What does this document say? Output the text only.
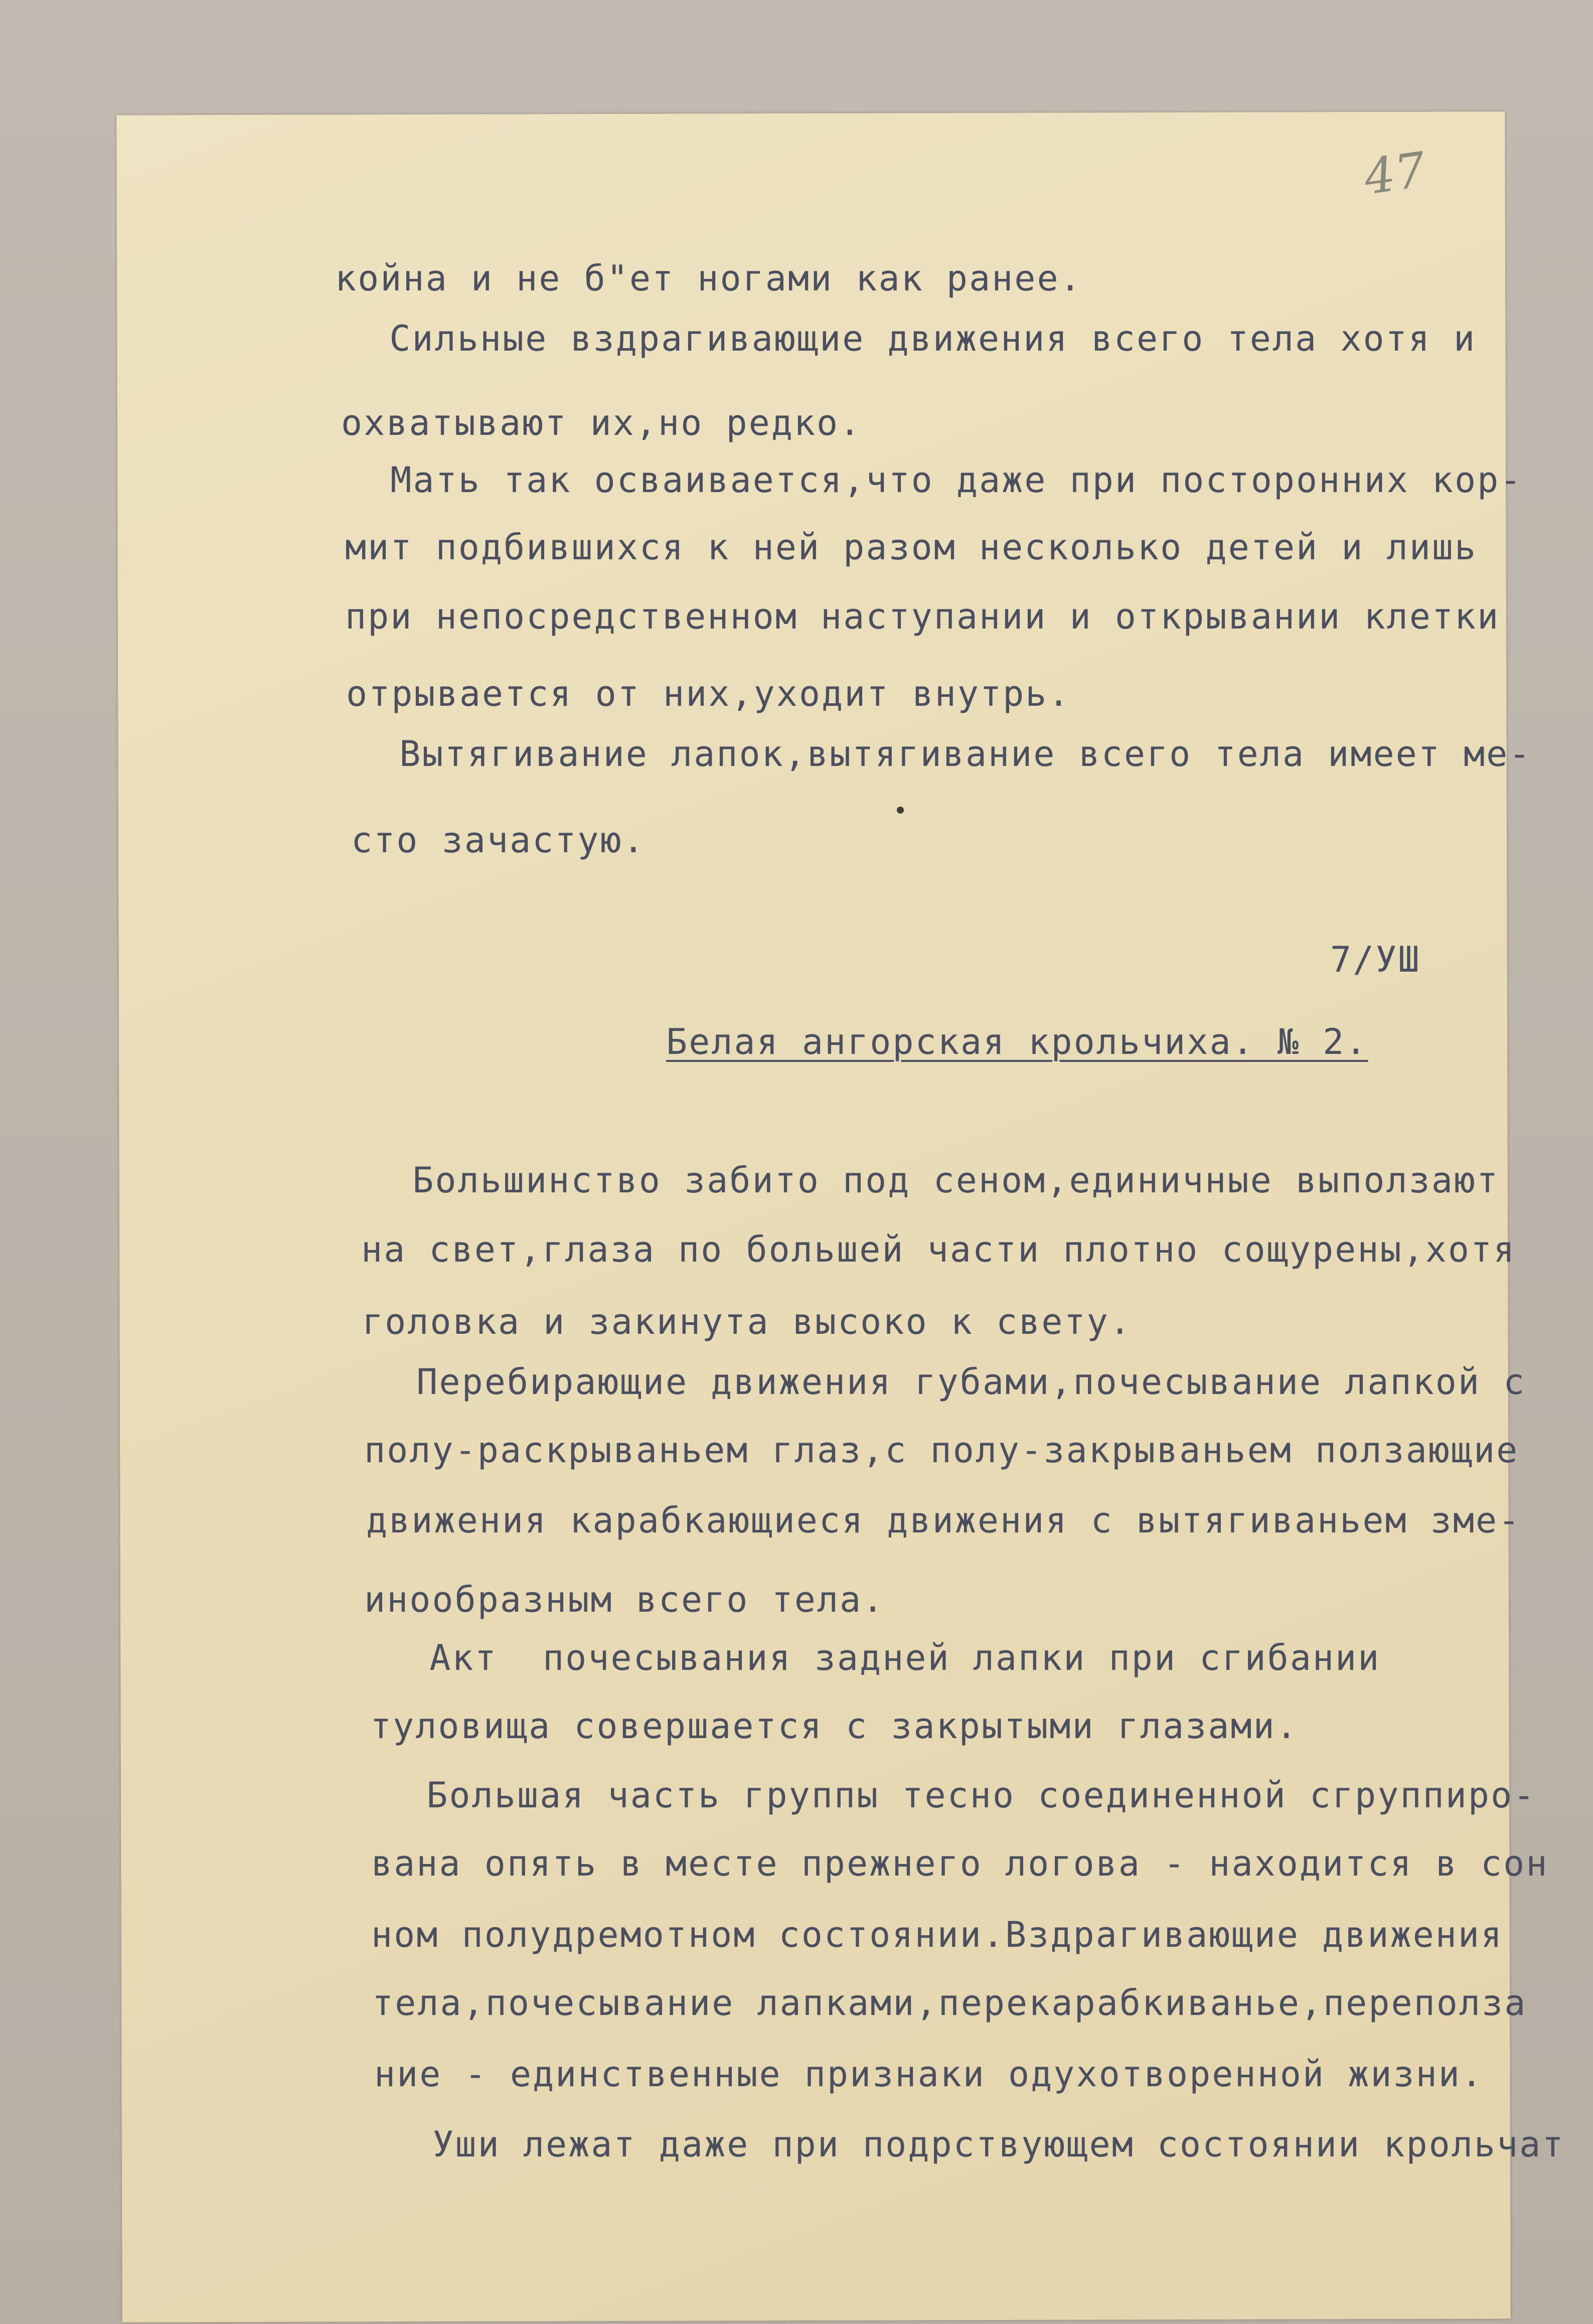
47
койна и не б"ет ногами как ранее.
Сильные вздрагивающие движения всего тела хотя и
охватывают их,но редко.
Мать так осваивается,что даже при посторонних кор-
мит подбившихся к ней разом несколько детей и лишь
при непосредственном наступании и открывании клетки
отрывается от них,уходит внутрь.
Вытягивание лапок,вытягивание всего тела имеет ме-
сто зачастую.
7/УШ
Белая ангорская крольчиха. № 2.
Большинство забито под сеном,единичные выползают
на свет,глаза по большей части плотно сощурены,хотя
головка и закинута высоко к свету.
Перебирающие движения губами,почесывание лапкой с
полу-раскрываньем глаз,с полу-закрываньем ползающие
движения карабкающиеся движения с вытягиваньем зме-
инообразным всего тела.
Акт  почесывания задней лапки при сгибании
туловища совершается с закрытыми глазами.
Большая часть группы тесно соединенной сгруппиро-
вана опять в месте прежнего логова - находится в сон
ном полудремотном состоянии.Вздрагивающие движения
тела,почесывание лапками,перекарабкиванье,переполза
ние - единственные признаки одухотворенной жизни.
Уши лежат даже при подрствующем состоянии крольчат
